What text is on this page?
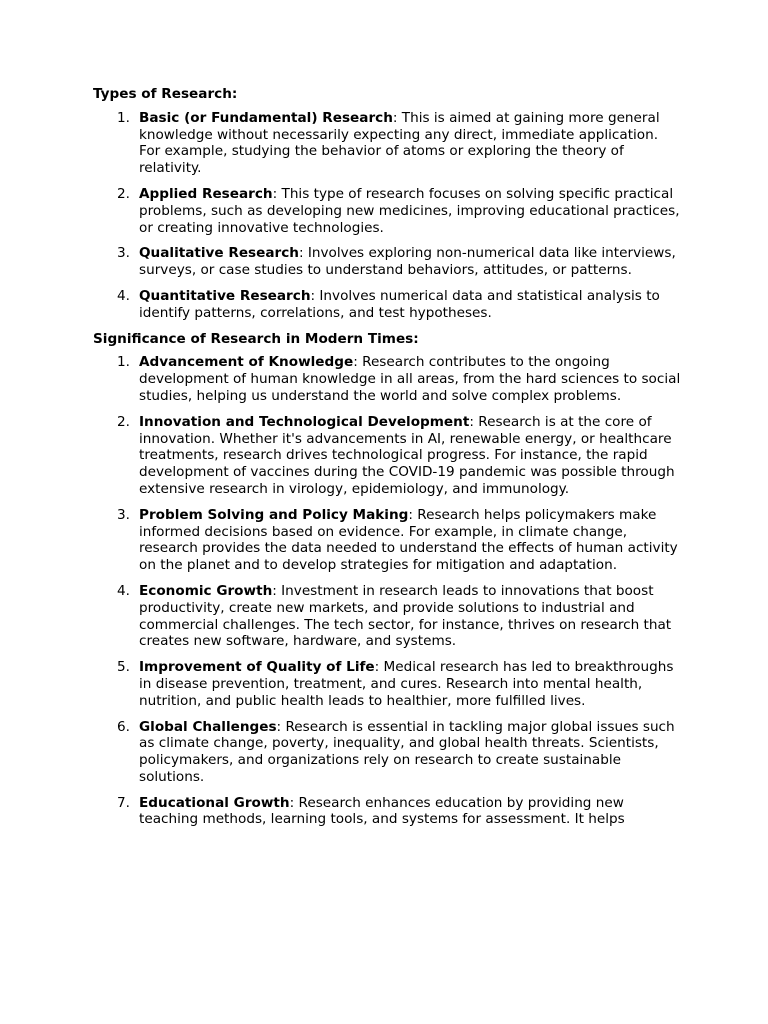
Types of Research:
1. Basic (or Fundamental) Research: This is aimed at gaining more general knowledge without necessarily expecting any direct, immediate application. For example, studying the behavior of atoms or exploring the theory of relativity.
2. Applied Research: This type of research focuses on solving specific practical problems, such as developing new medicines, improving educational practices, or creating innovative technologies.
3. Qualitative Research: Involves exploring non-numerical data like interviews, surveys, or case studies to understand behaviors, attitudes, or patterns.
4. Quantitative Research: Involves numerical data and statistical analysis to identify patterns, correlations, and test hypotheses.
Significance of Research in Modern Times:
1. Advancement of Knowledge: Research contributes to the ongoing development of human knowledge in all areas, from the hard sciences to social studies, helping us understand the world and solve complex problems.
2. Innovation and Technological Development: Research is at the core of innovation. Whether it's advancements in AI, renewable energy, or healthcare treatments, research drives technological progress. For instance, the rapid development of vaccines during the COVID-19 pandemic was possible through extensive research in virology, epidemiology, and immunology.
3. Problem Solving and Policy Making: Research helps policymakers make informed decisions based on evidence. For example, in climate change, research provides the data needed to understand the effects of human activity on the planet and to develop strategies for mitigation and adaptation.
4. Economic Growth: Investment in research leads to innovations that boost productivity, create new markets, and provide solutions to industrial and commercial challenges. The tech sector, for instance, thrives on research that creates new software, hardware, and systems.
5. Improvement of Quality of Life: Medical research has led to breakthroughs in disease prevention, treatment, and cures. Research into mental health, nutrition, and public health leads to healthier, more fulfilled lives.
6. Global Challenges: Research is essential in tackling major global issues such as climate change, poverty, inequality, and global health threats. Scientists, policymakers, and organizations rely on research to create sustainable solutions.
7. Educational Growth: Research enhances education by providing new teaching methods, learning tools, and systems for assessment. It helps
